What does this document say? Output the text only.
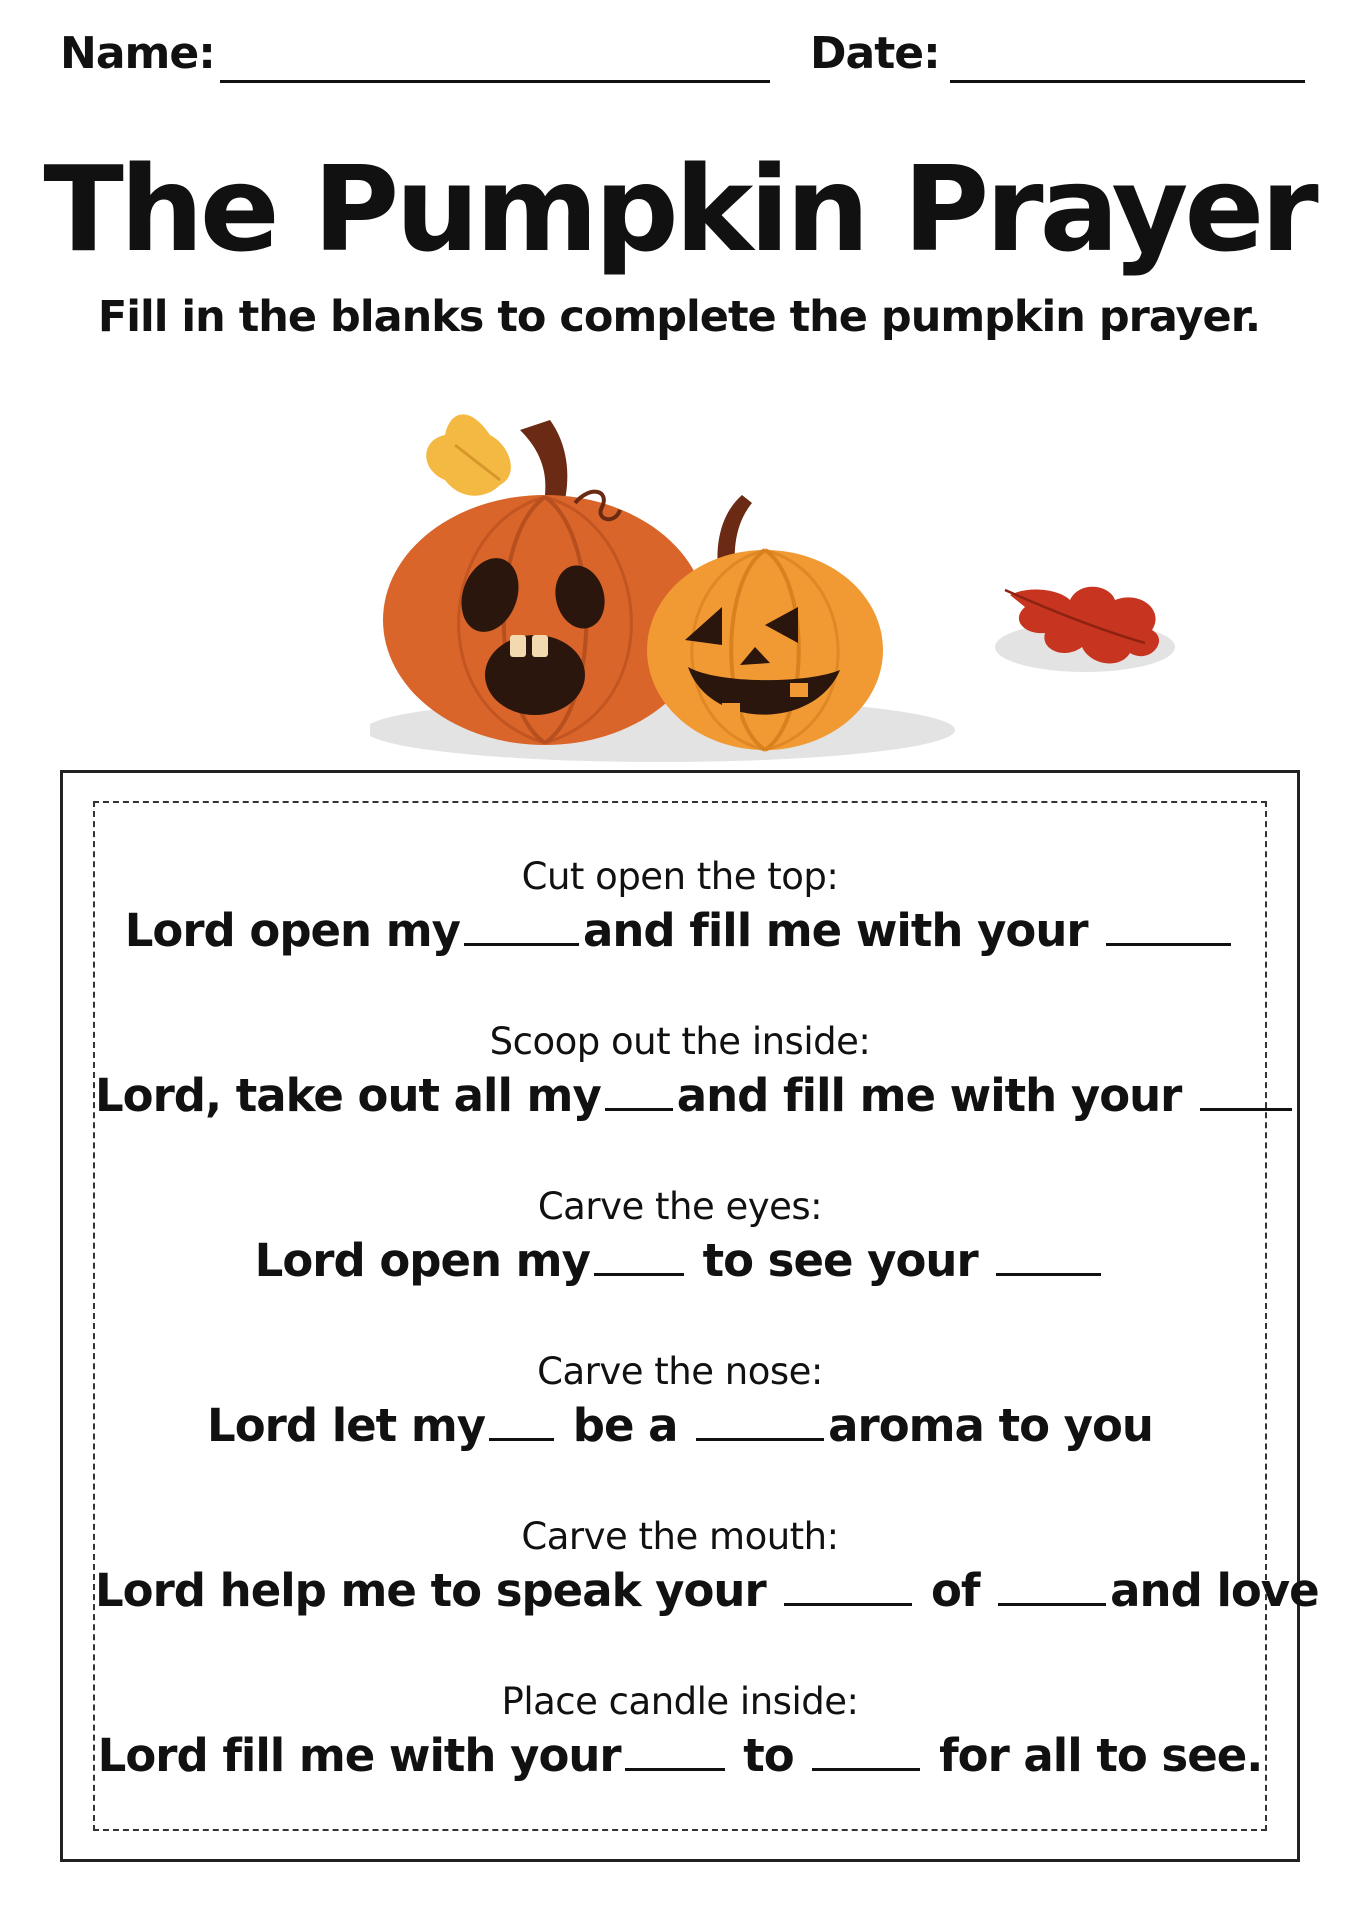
Name:	Date:
The Pumpkin Prayer
Fill in the blanks to complete the pumpkin prayer.
Cut open the top:
Lord open my	and fill me with your
Scoop out the inside:
Lord, take out all my and fill me with your
Carve the eyes:
Lord open my	to see your
Carve the nose:
Lord let my be a	aroma to you
Carve the mouth:
Lord help me to speak your	of	and love
Place candle inside:
Lord fill me with your	to	for all to see.
